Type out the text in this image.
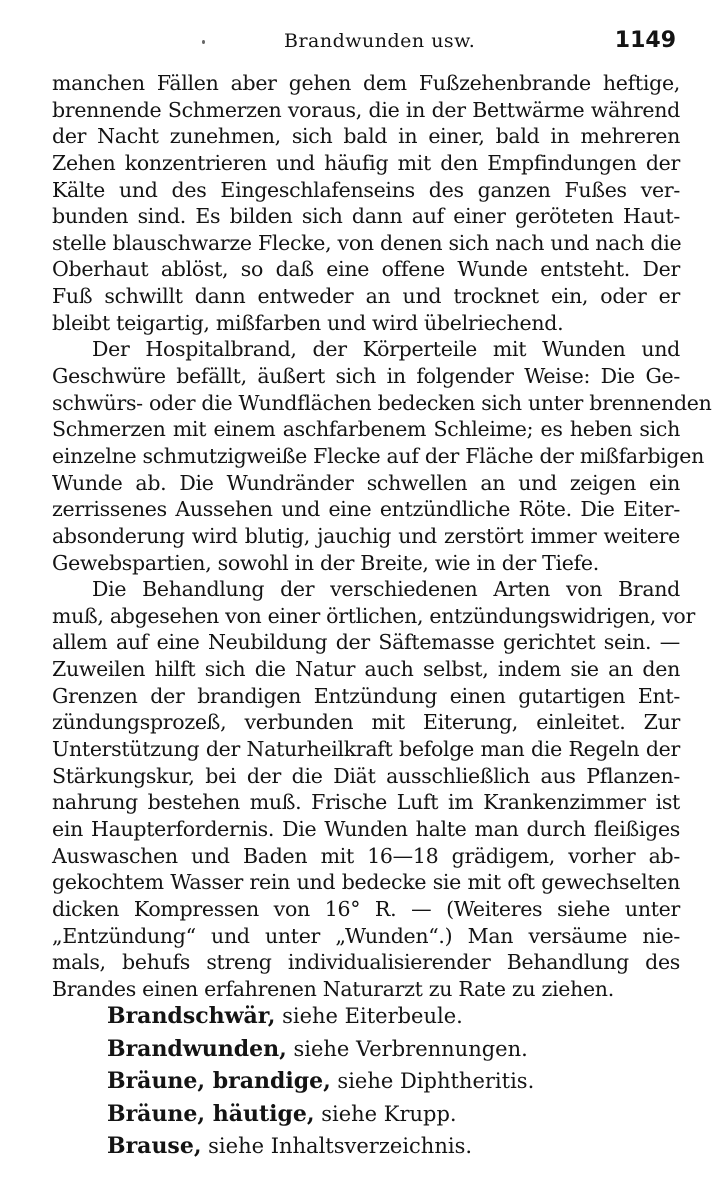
Brandwunden usw.	1149
manchen Fällen aber gehen dem Fußzehenbrande heftige,
brennende Schmerzen voraus, die in der Bettwärme während
der Nacht zunehmen, sich bald in einer, bald in mehreren
Zehen konzentrieren und häufig mit den Empfindungen der
Kälte und des Eingeschlafenseins des ganzen Fußes ver-
bunden sind. Es bilden sich dann auf einer geröteten Haut-
stelle blauschwarze Flecke, von denen sich nach und nach die
Oberhaut ablöst, so daß eine offene Wunde entsteht. Der
Fuß schwillt dann entweder an und trocknet ein, oder er
bleibt teigartig, mißfarben und wird übelriechend.
Der Hospitalbrand, der Körperteile mit Wunden und
Geschwüre befällt, äußert sich in folgender Weise: Die Ge-
schwürs- oder die Wundflächen bedecken sich unter brennenden
Schmerzen mit einem aschfarbenem Schleime; es heben sich
einzelne schmutzigweiße Flecke auf der Fläche der mißfarbigen
Wunde ab. Die Wundränder schwellen an und zeigen ein
zerrissenes Aussehen und eine entzündliche Röte. Die Eiter-
absonderung wird blutig, jauchig und zerstört immer weitere
Gewebspartien, sowohl in der Breite, wie in der Tiefe.
Die Behandlung der verschiedenen Arten von Brand
muß, abgesehen von einer örtlichen, entzündungswidrigen, vor
allem auf eine Neubildung der Säftemasse gerichtet sein. —
Zuweilen hilft sich die Natur auch selbst, indem sie an den
Grenzen der brandigen Entzündung einen gutartigen Ent-
zündungsprozeß, verbunden mit Eiterung, einleitet. Zur
Unterstützung der Naturheilkraft befolge man die Regeln der
Stärkungskur, bei der die Diät ausschließlich aus Pflanzen-
nahrung bestehen muß. Frische Luft im Krankenzimmer ist
ein Haupterfordernis. Die Wunden halte man durch fleißiges
Auswaschen und Baden mit 16—18 grädigem, vorher ab-
gekochtem Wasser rein und bedecke sie mit oft gewechselten
dicken Kompressen von 16° R. — (Weiteres siehe unter
„Entzündung“ und unter „Wunden“.) Man versäume nie-
mals, behufs streng individualisierender Behandlung des
Brandes einen erfahrenen Naturarzt zu Rate zu ziehen.
Brandschwär, siehe Eiterbeule.
Brandwunden, siehe Verbrennungen.
Bräune, brandige, siehe Diphtheritis.
Bräune, häutige, siehe Krupp.
Brause, siehe Inhaltsverzeichnis.
